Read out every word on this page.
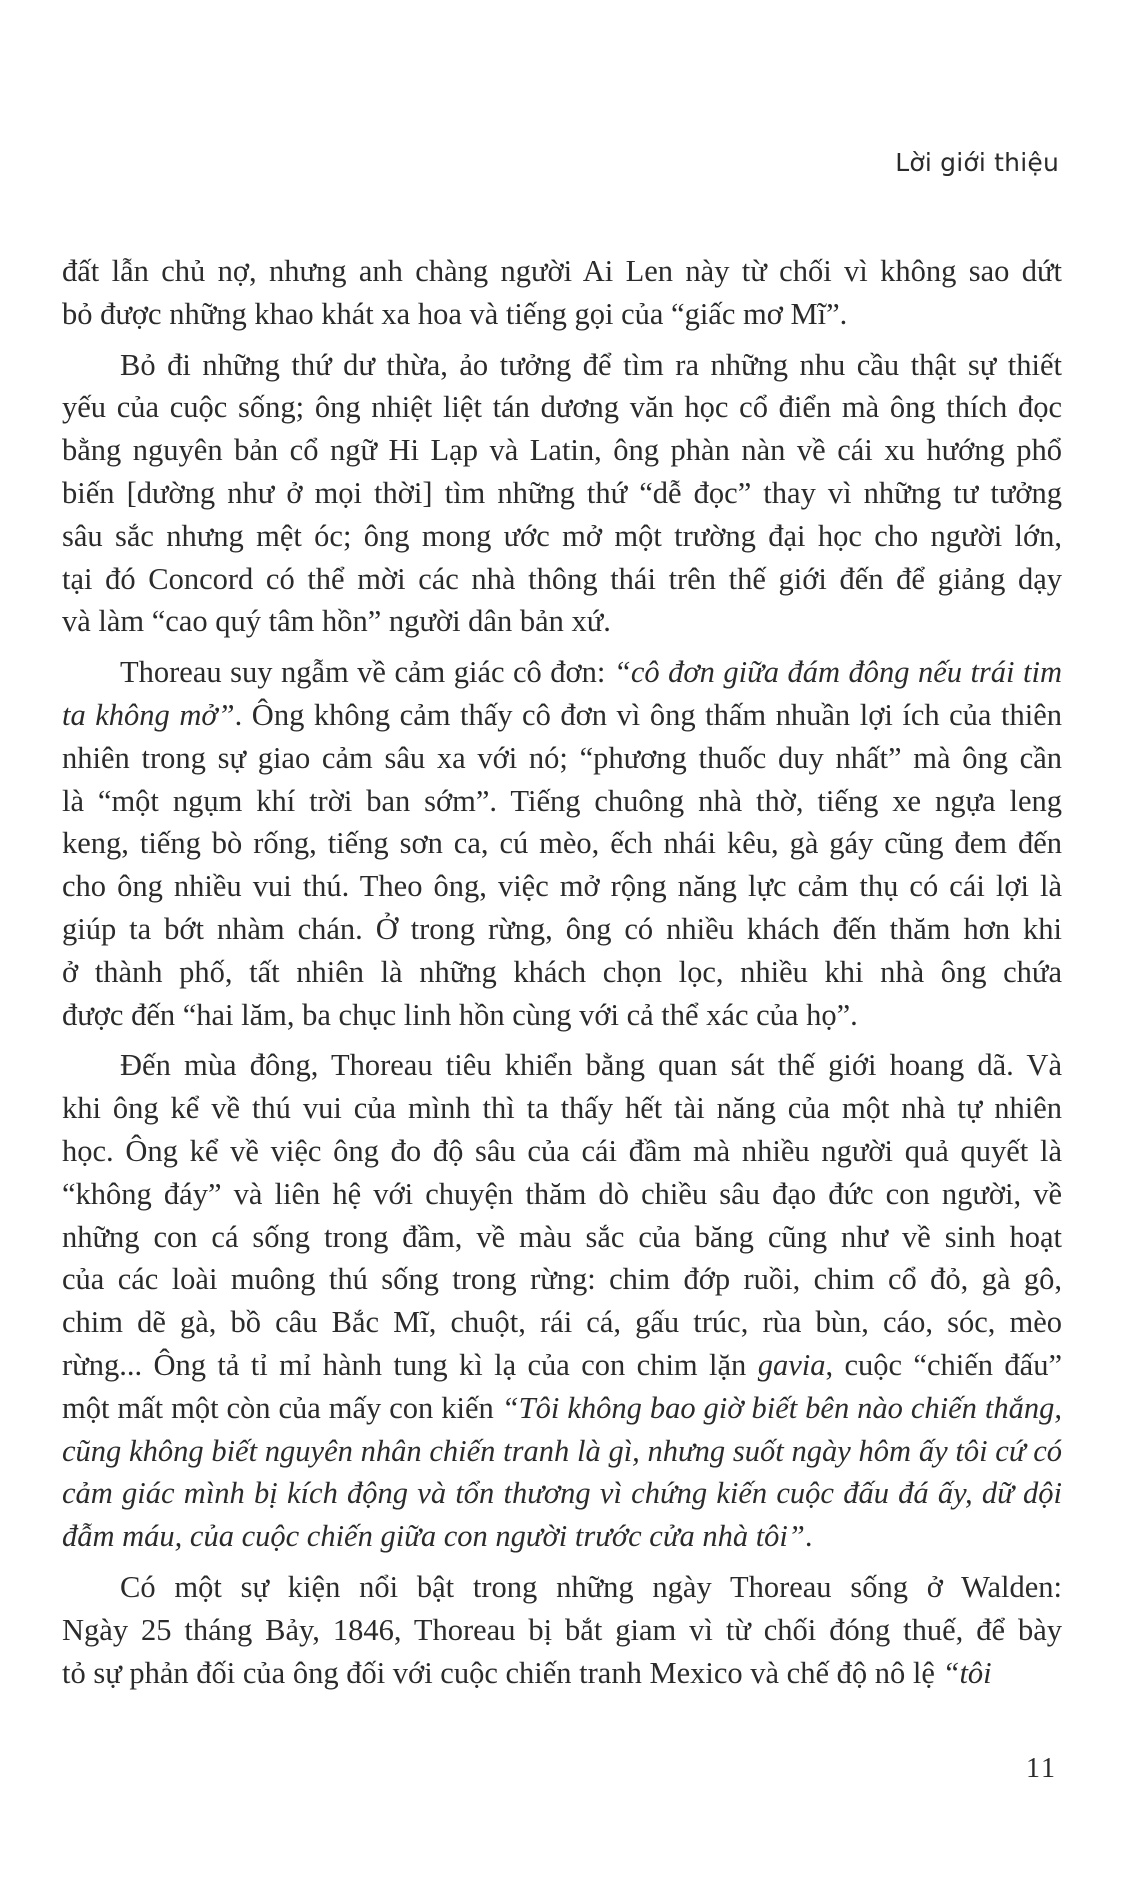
Lời giới thiệu
đất lẫn chủ nợ, nhưng anh chàng người Ai Len này từ chối vì không sao dứt
bỏ được những khao khát xa hoa và tiếng gọi của “giấc mơ Mĩ”.
Bỏ đi những thứ dư thừa, ảo tưởng để tìm ra những nhu cầu thật sự thiết
yếu của cuộc sống; ông nhiệt liệt tán dương văn học cổ điển mà ông thích đọc
bằng nguyên bản cổ ngữ Hi Lạp và Latin, ông phàn nàn về cái xu hướng phổ
biến [dường như ở mọi thời] tìm những thứ “dễ đọc” thay vì những tư tưởng
sâu sắc nhưng mệt óc; ông mong ước mở một trường đại học cho người lớn,
tại đó Concord có thể mời các nhà thông thái trên thế giới đến để giảng dạy
và làm “cao quý tâm hồn” người dân bản xứ.
Thoreau suy ngẫm về cảm giác cô đơn: “cô đơn giữa đám đông nếu trái tim
ta không mở”. Ông không cảm thấy cô đơn vì ông thấm nhuần lợi ích của thiên
nhiên trong sự giao cảm sâu xa với nó; “phương thuốc duy nhất” mà ông cần
là “một ngụm khí trời ban sớm”. Tiếng chuông nhà thờ, tiếng xe ngựa leng
keng, tiếng bò rống, tiếng sơn ca, cú mèo, ếch nhái kêu, gà gáy cũng đem đến
cho ông nhiều vui thú. Theo ông, việc mở rộng năng lực cảm thụ có cái lợi là
giúp ta bớt nhàm chán. Ở trong rừng, ông có nhiều khách đến thăm hơn khi
ở thành phố, tất nhiên là những khách chọn lọc, nhiều khi nhà ông chứa
được đến “hai lăm, ba chục linh hồn cùng với cả thể xác của họ”.
Đến mùa đông, Thoreau tiêu khiển bằng quan sát thế giới hoang dã. Và
khi ông kể về thú vui của mình thì ta thấy hết tài năng của một nhà tự nhiên
học. Ông kể về việc ông đo độ sâu của cái đầm mà nhiều người quả quyết là
“không đáy” và liên hệ với chuyện thăm dò chiều sâu đạo đức con người, về
những con cá sống trong đầm, về màu sắc của băng cũng như về sinh hoạt
của các loài muông thú sống trong rừng: chim đớp ruồi, chim cổ đỏ, gà gô,
chim dẽ gà, bồ câu Bắc Mĩ, chuột, rái cá, gấu trúc, rùa bùn, cáo, sóc, mèo
rừng... Ông tả tỉ mỉ hành tung kì lạ của con chim lặn gavia, cuộc “chiến đấu”
một mất một còn của mấy con kiến “Tôi không bao giờ biết bên nào chiến thắng,
cũng không biết nguyên nhân chiến tranh là gì, nhưng suốt ngày hôm ấy tôi cứ có
cảm giác mình bị kích động và tổn thương vì chứng kiến cuộc đấu đá ấy, dữ dội
đẫm máu, của cuộc chiến giữa con người trước cửa nhà tôi”.
Có một sự kiện nổi bật trong những ngày Thoreau sống ở Walden:
Ngày 25 tháng Bảy, 1846, Thoreau bị bắt giam vì từ chối đóng thuế, để bày
tỏ sự phản đối của ông đối với cuộc chiến tranh Mexico và chế độ nô lệ “tôi
11
